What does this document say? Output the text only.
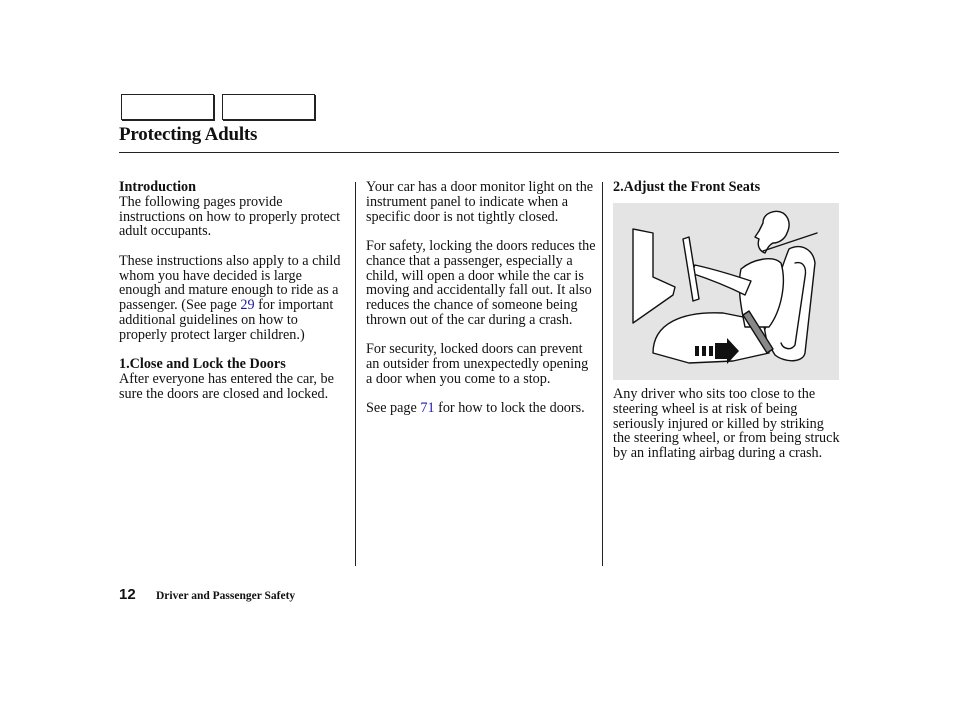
Protecting Adults
Introduction

The following pages provide instructions on how to properly protect adult occupants.

These instructions also apply to a child whom you have decided is large enough and mature enough to ride as a passenger. (See page 29 for important additional guidelines on how to properly protect larger children.)

1.Close and Lock the Doors

After everyone has entered the car, be sure the doors are closed and locked.

Your car has a door monitor light on the instrument panel to indicate when a specific door is not tightly closed.

For safety, locking the doors reduces the chance that a passenger, especially a child, will open a door while the car is moving and accidentally fall out. It also reduces the chance of someone being thrown out of the car during a crash.

For security, locked doors can prevent an outsider from unexpectedly opening a door when you come to a stop.

See page 71 for how to lock the doors.

2.Adjust the Front Seats

Any driver who sits too close to the steering wheel is at risk of being seriously injured or killed by striking the steering wheel, or from being struck by an inflating airbag during a crash.

12 Driver and Passenger Safety
